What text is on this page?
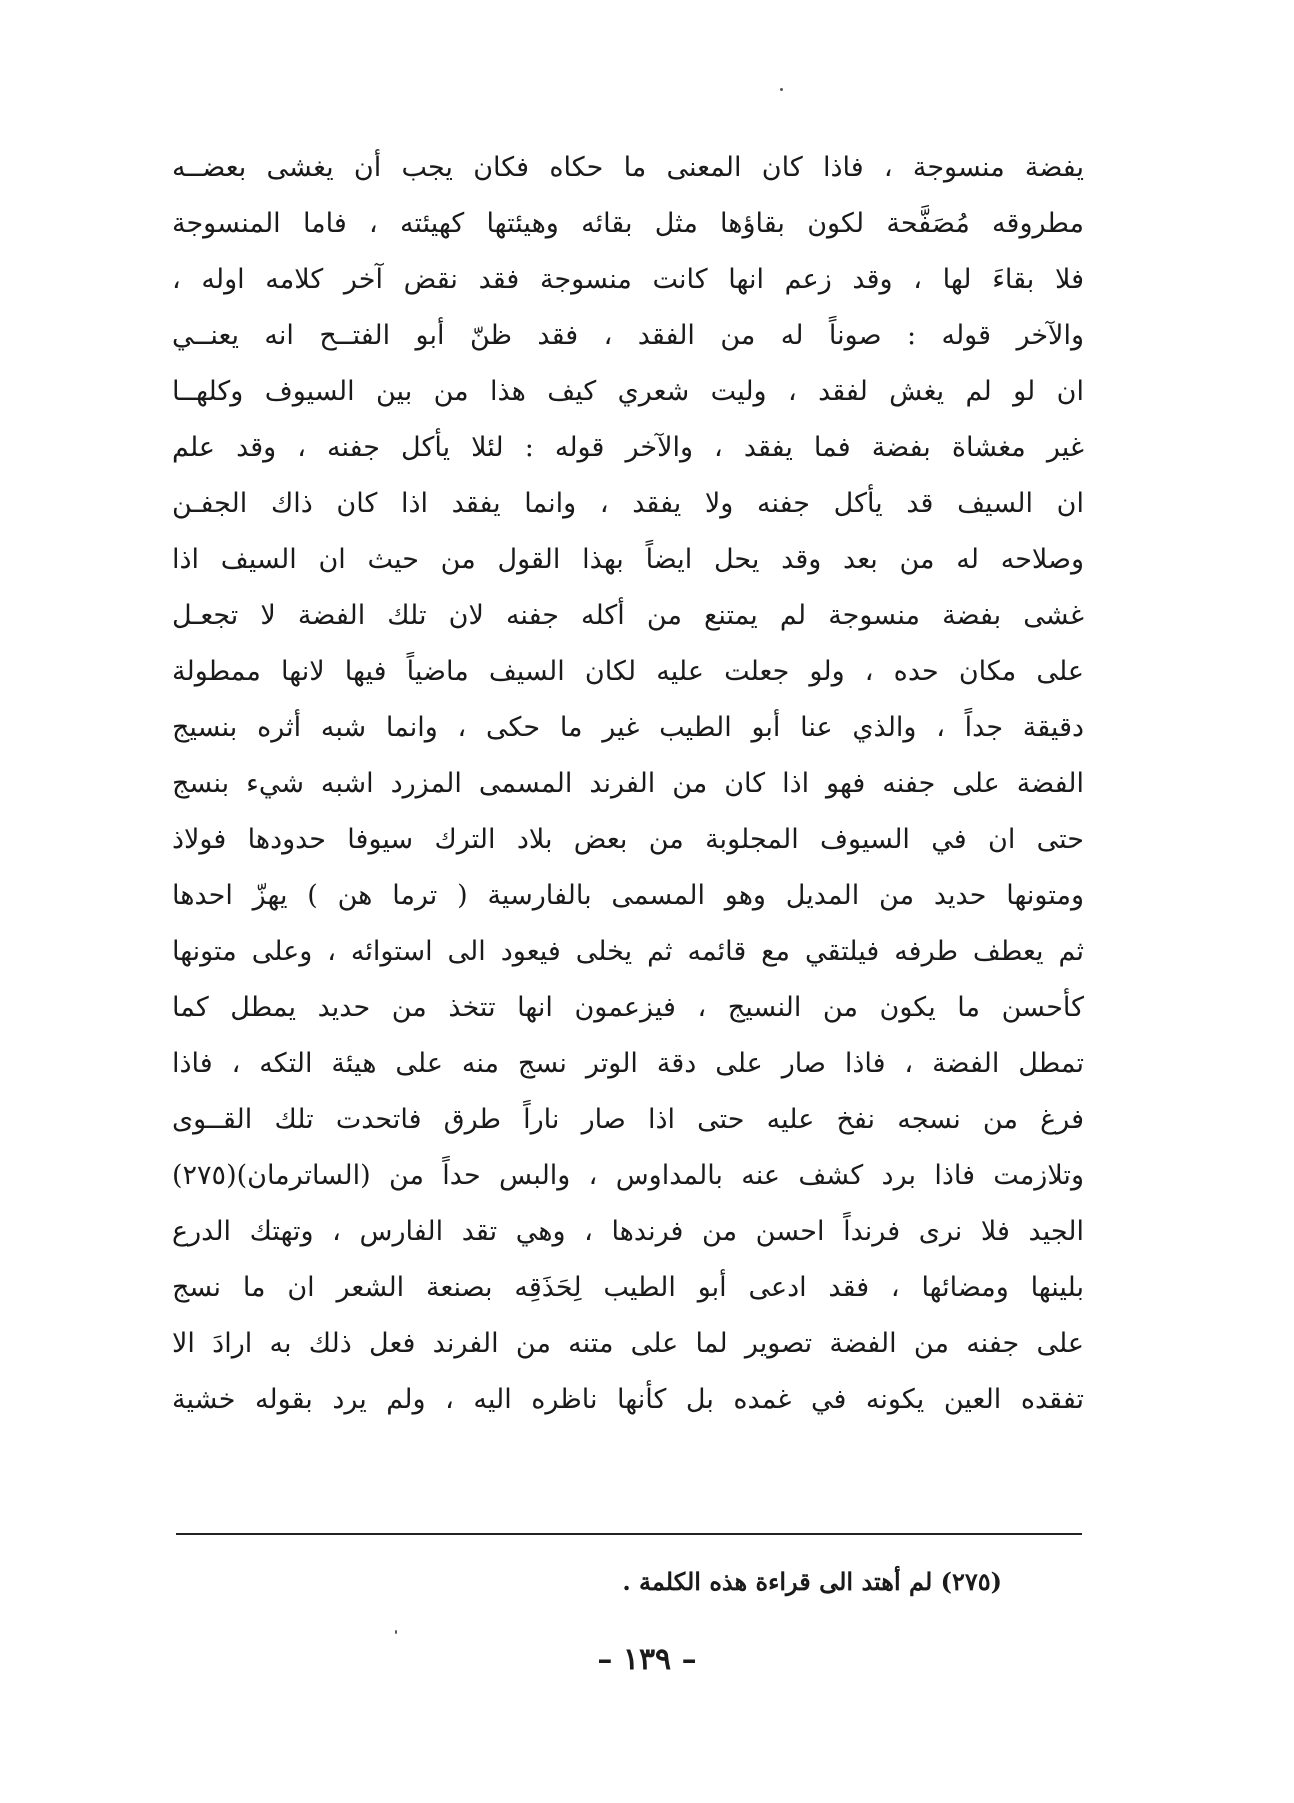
يفضة منسوجة ، فاذا كان المعنى ما حكاه فكان يجب أن يغشى بعضــه
مطروقه مُصَفَّحة لكون بقاؤها مثل بقائه وهيئتها كهيئته ، فاما المنسوجة
فلا بقاءَ لها ، وقد زعم انها كانت منسوجة فقد نقض آخر كلامه اوله ،
والآخر قوله : صوناً له من الفقد ، فقد ظنّ أبو الفتــح انه يعنــي
ان لو لم يغش لفقد ، وليت شعري كيف هذا من بين السيوف وكلهــا
غير مغشاة بفضة فما يفقد ، والآخر قوله : لئلا يأكل جفنه ، وقد علم
ان السيف قد يأكل جفنه ولا يفقد ، وانما يفقد اذا كان ذاك الجفـن
وصلاحه له من بعد وقد يحل ايضاً بهذا القول من حيث ان السيف اذا
غشى بفضة منسوجة لم يمتنع من أكله جفنه لان تلك الفضة لا تجعـل
على مكان حده ، ولو جعلت عليه لكان السيف ماضياً فيها لانها ممطولة
دقيقة جداً ، والذي عنا أبو الطيب غير ما حكى ، وانما شبه أثره بنسيج
الفضة على جفنه فهو اذا كان من الفرند المسمى المزرد اشبه شيء بنسج
حتى ان في السيوف المجلوبة من بعض بلاد الترك سيوفا حدودها فولاذ
ومتونها حديد من المديل وهو المسمى بالفارسية ( ترما هن ) يهزّ احدها
ثم يعطف طرفه فيلتقي مع قائمه ثم يخلى فيعود الى استوائه ، وعلى متونها
كأحسن ما يكون من النسيج ، فيزعمون انها تتخذ من حديد يمطل كما
تمطل الفضة ، فاذا صار على دقة الوتر نسج منه على هيئة التكه ، فاذا
فرغ من نسجه نفخ عليه حتى اذا صار ناراً طرق فاتحدت تلك القــوى
وتلازمت فاذا برد كشف عنه بالمداوس ، والبس حداً من (الساترمان)(٢٧٥)
الجيد فلا نرى فرنداً احسن من فرندها ، وهي تقد الفارس ، وتهتك الدرع
بلينها ومضائها ، فقد ادعى أبو الطيب لِحَذَقِه بصنعة الشعر ان ما نسج
على جفنه من الفضة تصوير لما على متنه من الفرند فعل ذلك به ارادَ الا
تفقده العين يكونه في غمده بل كأنها ناظره اليه ، ولم يرد بقوله خشية
(٢٧٥) لم أهتد الى قراءة هذه الكلمة .
– ١٣٩ –
